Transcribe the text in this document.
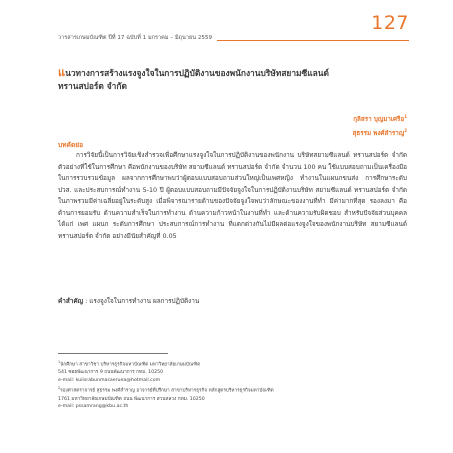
127
วารสารเกษมบัณฑิต ปีที่ 17 ฉบับที่ 1 มกราคม – มิถุนายน 2559
แนวทางการสร้างแรงจูงใจในการปฏิบัติงานของพนักงานบริษัทสยามซีแลนด์
ทรานสปอร์ต จำกัด
กุลิสรา บุญมาเศรือ$^1$
สุธรรม พงศ์สำราญ$^2$
บทคัดย่อ

การวิจัยนี้เป็นการวิจัยเชิงสำรวจเพื่อศึกษาแรงจูงใจในการปฏิบัติงานของพนักงาน บริษัทสยามซีแลนด์ ทรานสปอร์ต จำกัด ตัวอย่างที่ใช้ในการศึกษา คือพนักงานของบริษัท สยามซีแลนด์ ทรานสปอร์ต จำกัด จำนวน 100 คน ใช้แบบสอบถามเป็นเครื่องมือในการรวบรวมข้อมูล ผลจากการศึกษาพบว่าผู้ตอบแบบสอบถามส่วนใหญ่เป็นเพศหญิง ทำงานในแผนกขนส่ง การศึกษาระดับ ปวส. และประสบการณ์ทำงาน 5-10 ปี ผู้ตอบแบบสอบถามมีปัจจัยจูงใจในการปฏิบัติงานบริษัท สยามซีแลนด์ ทรานสปอร์ต จำกัด ในภาพรวมมีค่าเฉลี่ยอยู่ในระดับสูง เมื่อพิจารณารายด้านของปัจจัยจูงใจพบว่าลักษณะของงานที่ทำ มีค่ามากที่สุด รองลงมา คือ ด้านการยอมรับ ด้านความสำเร็จในการทำงาน ด้านความก้าวหน้าในงานที่ทำ และด้านความรับผิดชอบ สำหรับปัจจัยส่วนบุคคล ได้แก่ เพศ แผนก ระดับการศึกษา ประสบการณ์การทำงาน ที่แตกต่างกันไม่มีผลต่อแรงจูงใจของพนักงานบริษัท สยามซีแลนด์ ทรานสปอร์ต จำกัด อย่างมีนัยสำคัญที่ 0.05

คำสำคัญ : แรงจูงใจในการทำงาน ผลการปฏิบัติงาน
$^1$นักศึกษา สาขาวิชา บริหารธุรกิจมหาบัณฑิต มหาวิทยาลัยเกษมบัณฑิต
541 ซอยพัฒนาการ 9 ถนนพัฒนาการ กทม. 10250
e-mail: kulisrabunmasaeruea@hotmail.com
$^2$รองศาสตราจารย์ สุธรรม พงศ์สำราญ อาจารย์ที่ปรึกษา สาขาบริหารธุรกิจ หลักสูตรบริหารธุรกิจมหาบัณฑิต
1761 มหาวิทยาลัยเกษมบัณฑิต ถนน พัฒนาการ สวนหลวง กทม. 10250
e-mail: pssamrang@kbu.ac.th
